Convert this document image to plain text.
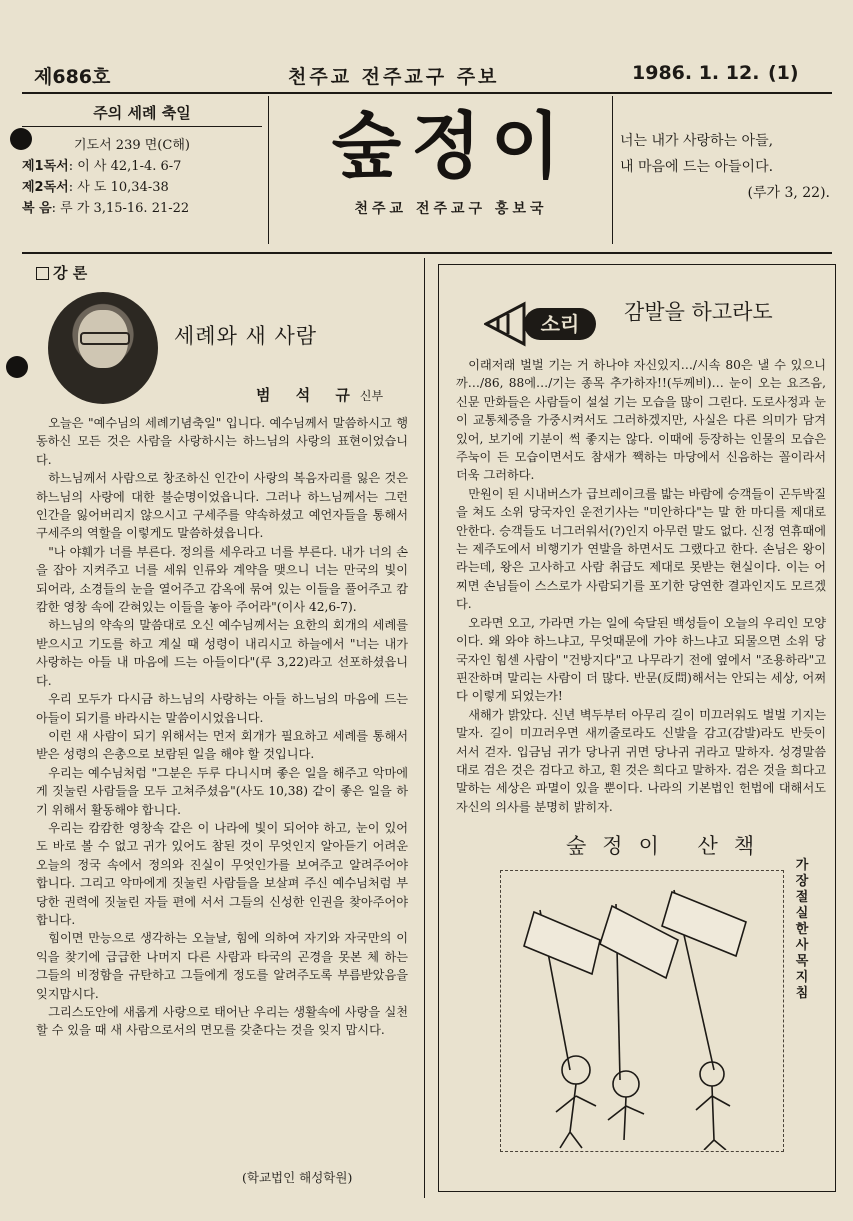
제686호	천주교 전주교구 주보	1986. 1. 12. (1)
주의 세례 축일
기도서 239 면(C해)
제1독서: 이 사 42,1-4. 6-7
제2독서: 사 도 10,34-38
복 음: 루 가 3,15-16. 21-22
숲정이
천주교 전주교구 홍보국
너는 내가 사랑하는 아들,
내 마음에 드는 아들이다.
(루가 3, 22).
강 론
세례와 새 사람
범 석 규신부

오늘은 "예수님의 세례기념축일" 입니다. 예수님께서 말씀하시고 행동하신 모든 것은 사람을 사랑하시는 하느님의 사랑의 표현이었습니다.

하느님께서 사람으로 창조하신 인간이 사랑의 복음자리를 잃은 것은 하느님의 사랑에 대한 불순명이었읍니다. 그러나 하느님께서는 그런 인간을 잃어버리지 않으시고 구세주를 약속하셨고 예언자들을 통해서 구세주의 역할을 이렇게도 말씀하셨읍니다.

"나 야훼가 너를 부른다. 정의를 세우라고 너를 부른다. 내가 너의 손을 잡아 지켜주고 너를 세워 인류와 계약을 맺으니 너는 만국의 빛이 되어라, 소경들의 눈을 열어주고 감옥에 묶여 있는 이들을 풀어주고 캄캄한 영창 속에 갇혀있는 이들을 놓아 주어라"(이사 42,6-7).

하느님의 약속의 말씀대로 오신 예수님께서는 요한의 회개의 세례를 받으시고 기도를 하고 계실 때 성령이 내리시고 하늘에서 "너는 내가 사랑하는 아들 내 마음에 드는 아들이다"(루 3,22)라고 선포하셨읍니다.

우리 모두가 다시금 하느님의 사랑하는 아들 하느님의 마음에 드는 아들이 되기를 바라시는 말씀이시었읍니다.

이런 새 사람이 되기 위해서는 먼저 회개가 필요하고 세례를 통해서 받은 성령의 은총으로 보람된 일을 해야 할 것입니다.

우리는 예수님처럼 "그분은 두루 다니시며 좋은 일을 해주고 악마에게 짓눌린 사람들을 모두 고쳐주셨음"(사도 10,38) 같이 좋은 일을 하기 위해서 활동해야 합니다.

우리는 캄캄한 영창속 같은 이 나라에 빛이 되어야 하고, 눈이 있어도 바로 볼 수 없고 귀가 있어도 참된 것이 무엇인지 알아듣기 어려운 오늘의 정국 속에서 정의와 진실이 무엇인가를 보여주고 알려주어야 합니다. 그리고 악마에게 짓눌린 사람들을 보살펴 주신 예수님처럼 부당한 권력에 짓눌린 자들 편에 서서 그들의 신성한 인권을 찾아주어야 합니다.

힘이면 만능으로 생각하는 오늘날, 힘에 의하여 자기와 자국만의 이익을 찾기에 급급한 나머지 다른 사람과 타국의 곤경을 못본 체 하는 그들의 비정함을 규탄하고 그들에게 정도를 알려주도록 부름받았음을 잊지맙시다.

그리스도안에 새롭게 사랑으로 태어난 우리는 생활속에 사랑을 실천할 수 있을 때 새 사람으로서의 면모를 갖춘다는 것을 잊지 맙시다.

(학교법인 해성학원)
소리 감발을 하고라도

이래저래 벌벌 기는 거 하나야 자신있지…/시속 80은 낼 수 있으니까…/86, 88에…/기는 종목 추가하자!!(두께비)… 눈이 오는 요즈음, 신문 만화들은 사람들이 설설 기는 모습을 많이 그린다. 도로사정과 눈이 교통체증을 가중시켜서도 그러하겠지만, 사실은 다른 의미가 담겨 있어, 보기에 기분이 썩 좋지는 않다. 이때에 등장하는 인물의 모습은 주눅이 든 모습이면서도 참새가 짹하는 마당에서 신음하는 꼴이라서 더욱 그러하다.

만원이 된 시내버스가 급브레이크를 밟는 바람에 승객들이 곤두박질을 쳐도 소위 당국자인 운전기사는 "미안하다"는 말 한 마디를 제대로 안한다. 승객들도 너그러워서(?)인지 아무런 말도 없다. 신정 연휴때에는 제주도에서 비행기가 연발을 하면서도 그랬다고 한다. 손님은 왕이라는데, 왕은 고사하고 사람 취급도 제대로 못받는 현실이다. 이는 어찌면 손님들이 스스로가 사람되기를 포기한 당연한 결과인지도 모르겠다.

오라면 오고, 가라면 가는 일에 숙달된 백성들이 오늘의 우리인 모양이다. 왜 와야 하느냐고, 무엇때문에 가야 하느냐고 되물으면 소위 당국자인 힘센 사람이 "건방지다"고 나무라기 전에 옆에서 "조용하라"고 핀잔하며 말리는 사람이 더 많다. 반문(反問)해서는 안되는 세상, 어쩌다 이렇게 되었는가!

새해가 밝았다. 신년 벽두부터 아무리 길이 미끄러워도 벌벌 기지는 말자. 길이 미끄러우면 새끼줄로라도 신발을 감고(감발)라도 반듯이 서서 걷자. 입금님 귀가 당나귀 귀면 당나귀 귀라고 말하자. 성경말씀대로 검은 것은 검다고 하고, 흰 것은 희다고 말하자. 검은 것을 희다고 말하는 세상은 파멸이 있을 뿐이다. 나라의 기본법인 헌법에 대해서도 자신의 의사를 분명히 밝히자.

숲정이 산책
가장 절실한 사목지침
